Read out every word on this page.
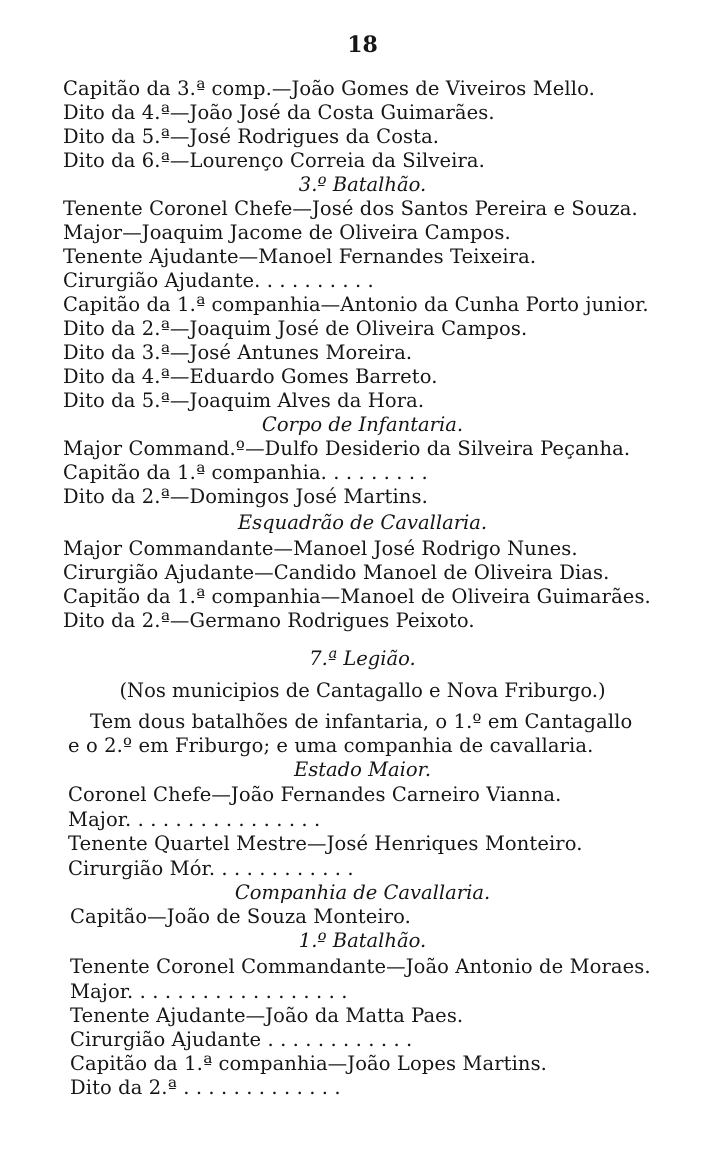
18
Capitão da 3.ª comp.—João Gomes de Viveiros Mello.
Dito da 4.ª—João José da Costa Guimarães.
Dito da 5.ª—José Rodrigues da Costa.
Dito da 6.ª—Lourenço Correia da Silveira.
3.º Batalhão.
Tenente Coronel Chefe—José dos Santos Pereira e Souza.
Major—Joaquim Jacome de Oliveira Campos.
Tenente Ajudante—Manoel Fernandes Teixeira.
Cirurgião Ajudante. . . . . . . . . .
Capitão da 1.ª companhia—Antonio da Cunha Porto junior.
Dito da 2.ª—Joaquim José de Oliveira Campos.
Dito da 3.ª—José Antunes Moreira.
Dito da 4.ª—Eduardo Gomes Barreto.
Dito da 5.ª—Joaquim Alves da Hora.
Corpo de Infantaria.
Major Command.º—Dulfo Desiderio da Silveira Peçanha.
Capitão da 1.ª companhia. . . . . . . . .
Dito da 2.ª—Domingos José Martins.
Esquadrão de Cavallaria.
Major Commandante—Manoel José Rodrigo Nunes.
Cirurgião Ajudante—Candido Manoel de Oliveira Dias.
Capitão da 1.ª companhia—Manoel de Oliveira Guimarães.
Dito da 2.ª—Germano Rodrigues Peixoto.
7.ª Legião.
(Nos municipios de Cantagallo e Nova Friburgo.)
Tem dous batalhões de infantaria, o 1.º em Cantagallo
e o 2.º em Friburgo; e uma companhia de cavallaria.
Estado Maior.
Coronel Chefe—João Fernandes Carneiro Vianna.
Major. . . . . . . . . . . . . . . .
Tenente Quartel Mestre—José Henriques Monteiro.
Cirurgião Mór. . . . . . . . . . . .
Companhia de Cavallaria.
Capitão—João de Souza Monteiro.
1.º Batalhão.
Tenente Coronel Commandante—João Antonio de Moraes.
Major. . . . . . . . . . . . . . . . . .
Tenente Ajudante—João da Matta Paes.
Cirurgião Ajudante . . . . . . . . . . . .
Capitão da 1.ª companhia—João Lopes Martins.
Dito da 2.ª . . . . . . . . . . . . .
